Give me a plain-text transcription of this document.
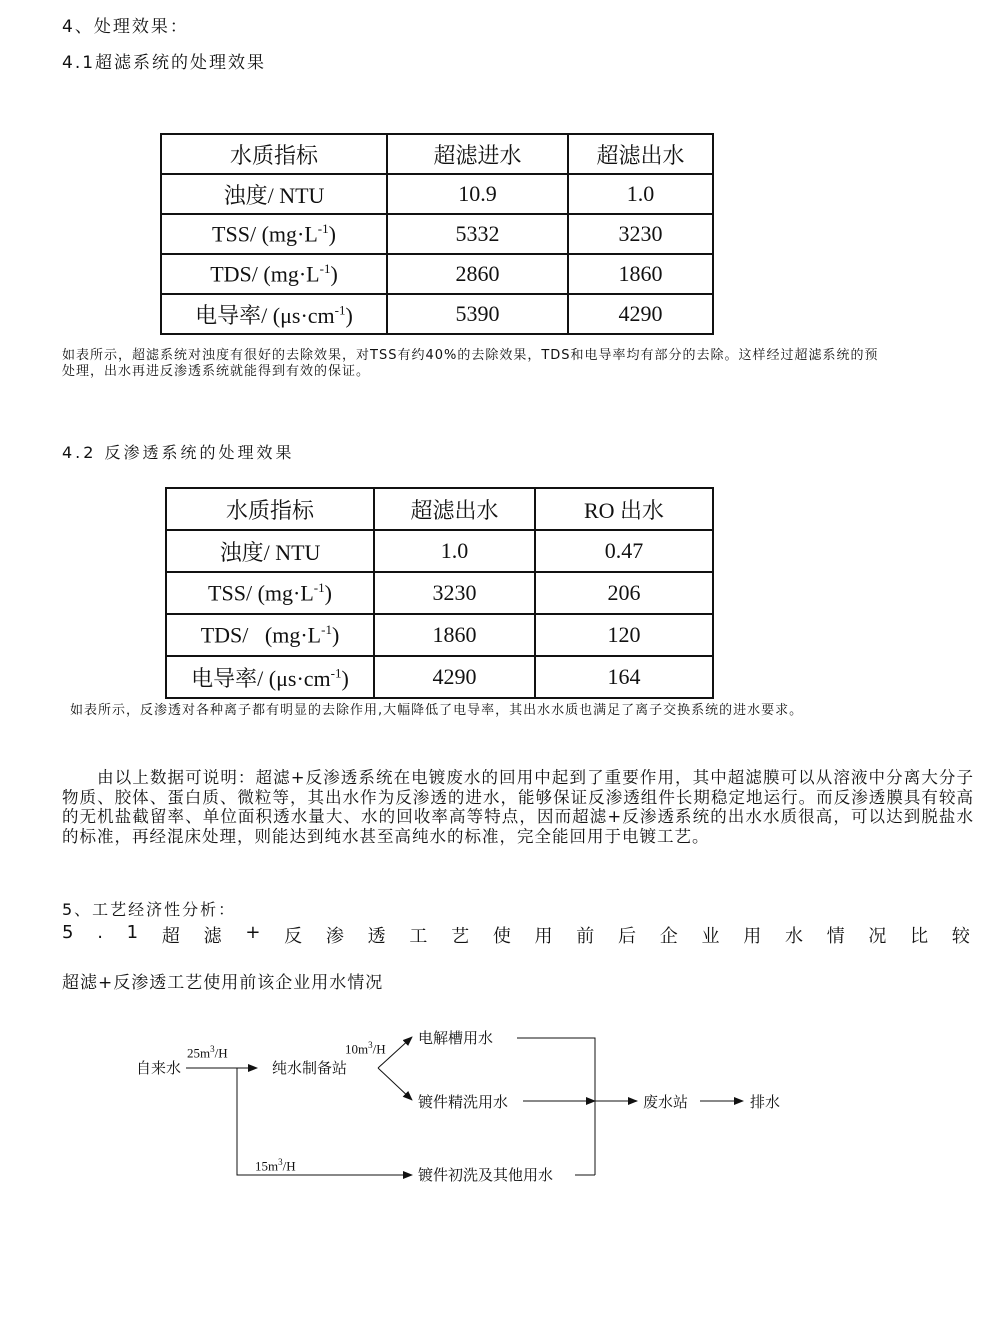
4、处理效果：
4.1超滤系统的处理效果
水质指标	超滤进水	超滤出水
浊度/ NTU	10.9	1.0
TSS/ $(mg\cdot L^{-1})$	5332	3230
TDS/ $(mg\cdot L^{-1})$	2860	1860
电导率/ $(\mu s\cdot cm^{-1})$	5390	4290
如表所示，超滤系统对浊度有很好的去除效果，对TSS有约40%的去除效果，TDS和电导率均有部分的去除。这样经过超滤系统的预处理，出水再进反渗透系统就能得到有效的保证。
4.2 反渗透系统的处理效果
水质指标	超滤出水	RO 出水
浊度/ NTU	1.0	0.47
TSS/ $(mg\cdot L^{-1})$	3230	206
TDS/   $(mg\cdot L^{-1})$	1860	120
电导率/ $(\mu s\cdot cm^{-1})$	4290	164
如表所示，反渗透对各种离子都有明显的去除作用,大幅降低了电导率，其出水水质也满足了离子交换系统的进水要求。
　　由以上数据可说明：超滤+反渗透系统在电镀废水的回用中起到了重要作用，其中超滤膜可以从溶液中分离大分子物质、胶体、蛋白质、微粒等，其出水作为反渗透的进水，能够保证反渗透组件长期稳定地运行。而反渗透膜具有较高的无机盐截留率、单位面积透水量大、水的回收率高等特点，因而超滤+反渗透系统的出水水质很高，可以达到脱盐水的标准，再经混床处理，则能达到纯水甚至高纯水的标准，完全能回用于电镀工艺。
5、工艺经济性分析：
5 . 1 超 滤 + 反 渗 透 工 艺 使 用 前 后 企 业 用 水 情 况 比 较
超滤+反渗透工艺使用前该企业用水情况
自来水
$25m^3/H$
纯水制备站
$10m^3/H$
电解槽用水
镀件精洗用水
$15m^3/H$
镀件初洗及其他用水
废水站	排水
